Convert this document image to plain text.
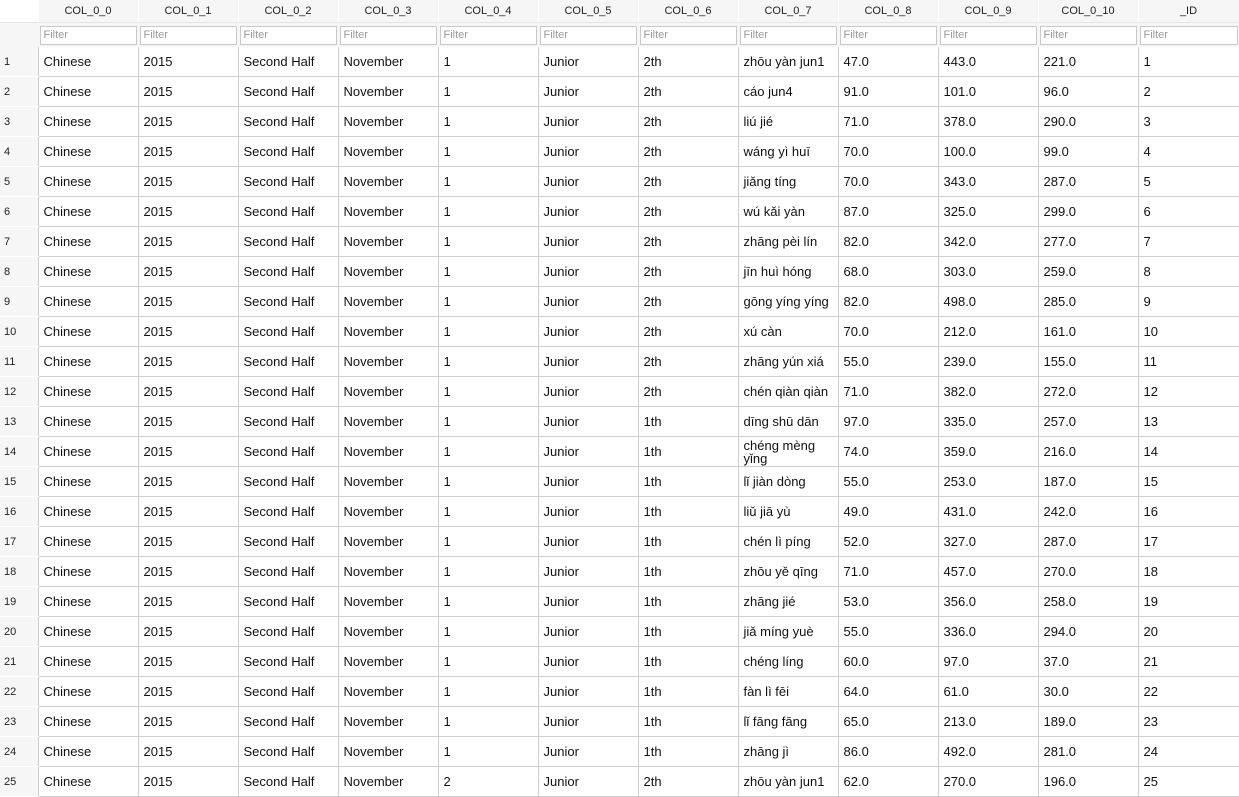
	COL_0_0	COL_0_1	COL_0_2	COL_0_3	COL_0_4	COL_0_5	COL_0_6	COL_0_7	COL_0_8	COL_0_9	COL_0_10	_ID
	Filter	Filter	Filter	Filter	Filter	Filter	Filter	Filter	Filter	Filter	Filter	Filter
1	Chinese	2015	Second Half	November	1	Junior	2th	zhōu yàn jun1	47.0	443.0	221.0	1
2	Chinese	2015	Second Half	November	1	Junior	2th	cáo jun4	91.0	101.0	96.0	2
3	Chinese	2015	Second Half	November	1	Junior	2th	liú jié	71.0	378.0	290.0	3
4	Chinese	2015	Second Half	November	1	Junior	2th	wáng yì huī	70.0	100.0	99.0	4
5	Chinese	2015	Second Half	November	1	Junior	2th	jiǎng tíng	70.0	343.0	287.0	5
6	Chinese	2015	Second Half	November	1	Junior	2th	wú kǎi yàn	87.0	325.0	299.0	6
7	Chinese	2015	Second Half	November	1	Junior	2th	zhāng pèi lín	82.0	342.0	277.0	7
8	Chinese	2015	Second Half	November	1	Junior	2th	jīn huì hóng	68.0	303.0	259.0	8
9	Chinese	2015	Second Half	November	1	Junior	2th	gōng yíng yíng	82.0	498.0	285.0	9
10	Chinese	2015	Second Half	November	1	Junior	2th	xú càn	70.0	212.0	161.0	10
11	Chinese	2015	Second Half	November	1	Junior	2th	zhāng yún xiá	55.0	239.0	155.0	11
12	Chinese	2015	Second Half	November	1	Junior	2th	chén qiàn qiàn	71.0	382.0	272.0	12
13	Chinese	2015	Second Half	November	1	Junior	1th	dīng shū dān	97.0	335.0	257.0	13
14	Chinese	2015	Second Half	November	1	Junior	1th	chéng mèng yǐng	74.0	359.0	216.0	14
15	Chinese	2015	Second Half	November	1	Junior	1th	lǐ jiàn dòng	55.0	253.0	187.0	15
16	Chinese	2015	Second Half	November	1	Junior	1th	liǔ jiā yù	49.0	431.0	242.0	16
17	Chinese	2015	Second Half	November	1	Junior	1th	chén lì píng	52.0	327.0	287.0	17
18	Chinese	2015	Second Half	November	1	Junior	1th	zhōu yě qīng	71.0	457.0	270.0	18
19	Chinese	2015	Second Half	November	1	Junior	1th	zhāng jié	53.0	356.0	258.0	19
20	Chinese	2015	Second Half	November	1	Junior	1th	jiǎ míng yuè	55.0	336.0	294.0	20
21	Chinese	2015	Second Half	November	1	Junior	1th	chéng líng	60.0	97.0	37.0	21
22	Chinese	2015	Second Half	November	1	Junior	1th	fàn lì fēi	64.0	61.0	30.0	22
23	Chinese	2015	Second Half	November	1	Junior	1th	lǐ fāng fāng	65.0	213.0	189.0	23
24	Chinese	2015	Second Half	November	1	Junior	1th	zhāng jì	86.0	492.0	281.0	24
25	Chinese	2015	Second Half	November	2	Junior	2th	zhōu yàn jun1	62.0	270.0	196.0	25
